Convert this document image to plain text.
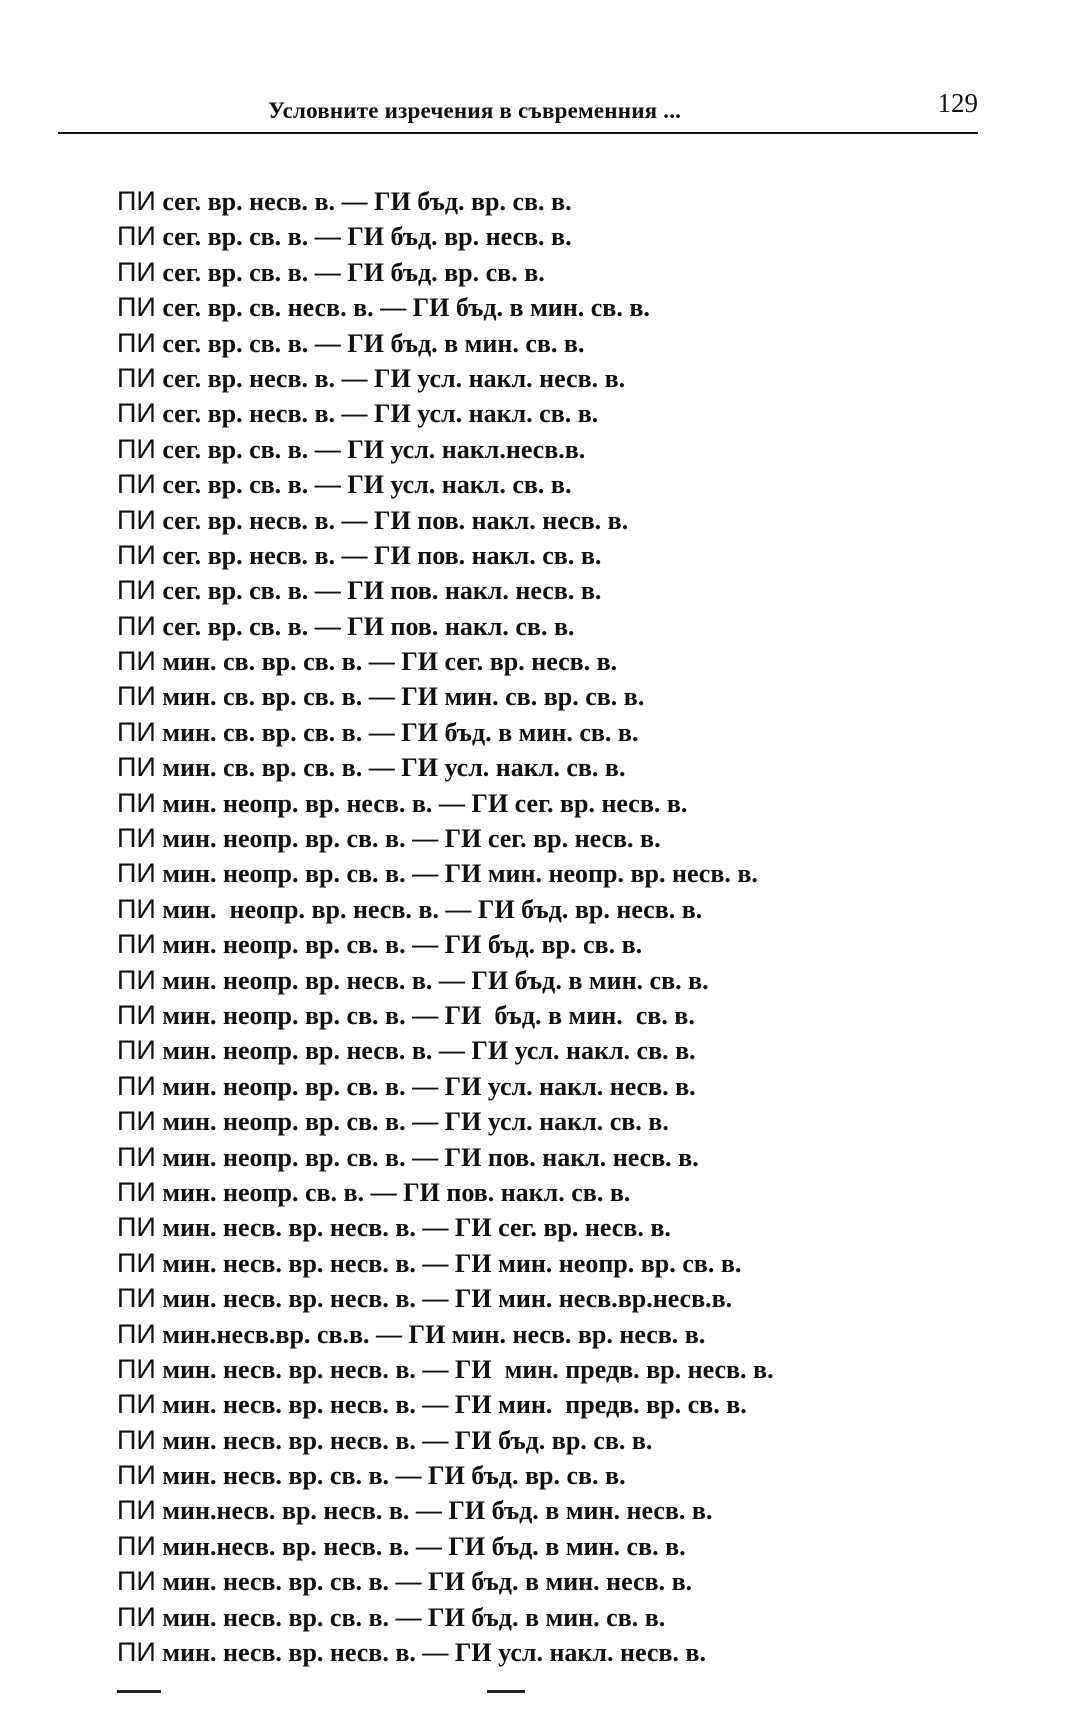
Условните изречения в съвременния ...	129
ПИ сег. вр. несв. в. — ГИ бъд. вр. св. в.
ПИ сег. вр. св. в. — ГИ бъд. вр. несв. в.
ПИ сег. вр. св. в. — ГИ бъд. вр. св. в.
ПИ сег. вр. св. несв. в. — ГИ бъд. в мин. св. в.
ПИ сег. вр. св. в. — ГИ бъд. в мин. св. в.
ПИ сег. вр. несв. в. — ГИ усл. накл. несв. в.
ПИ сег. вр. несв. в. — ГИ усл. накл. св. в.
ПИ сег. вр. св. в. — ГИ усл. накл.несв.в.
ПИ сег. вр. св. в. — ГИ усл. накл. св. в.
ПИ сег. вр. несв. в. — ГИ пов. накл. несв. в.
ПИ сег. вр. несв. в. — ГИ пов. накл. св. в.
ПИ сег. вр. св. в. — ГИ пов. накл. несв. в.
ПИ сег. вр. св. в. — ГИ пов. накл. св. в.
ПИ мин. св. вр. св. в. — ГИ сег. вр. несв. в.
ПИ мин. св. вр. св. в. — ГИ мин. св. вр. св. в.
ПИ мин. св. вр. св. в. — ГИ бъд. в мин. св. в.
ПИ мин. св. вр. св. в. — ГИ усл. накл. св. в.
ПИ мин. неопр. вр. несв. в. — ГИ сег. вр. несв. в.
ПИ мин. неопр. вр. св. в. — ГИ сег. вр. несв. в.
ПИ мин. неопр. вр. св. в. — ГИ мин. неопр. вр. несв. в.
ПИ мин.  неопр. вр. несв. в. — ГИ бъд. вр. несв. в.
ПИ мин. неопр. вр. св. в. — ГИ бъд. вр. св. в.
ПИ мин. неопр. вр. несв. в. — ГИ бъд. в мин. св. в.
ПИ мин. неопр. вр. св. в. — ГИ  бъд. в мин.  св. в.
ПИ мин. неопр. вр. несв. в. — ГИ усл. накл. св. в.
ПИ мин. неопр. вр. св. в. — ГИ усл. накл. несв. в.
ПИ мин. неопр. вр. св. в. — ГИ усл. накл. св. в.
ПИ мин. неопр. вр. св. в. — ГИ пов. накл. несв. в.
ПИ мин. неопр. св. в. — ГИ пов. накл. св. в.
ПИ мин. несв. вр. несв. в. — ГИ сег. вр. несв. в.
ПИ мин. несв. вр. несв. в. — ГИ мин. неопр. вр. св. в.
ПИ мин. несв. вр. несв. в. — ГИ мин. несв.вр.несв.в.
ПИ мин.несв.вр. св.в. — ГИ мин. несв. вр. несв. в.
ПИ мин. несв. вр. несв. в. — ГИ  мин. предв. вр. несв. в.
ПИ мин. несв. вр. несв. в. — ГИ мин.  предв. вр. св. в.
ПИ мин. несв. вр. несв. в. — ГИ бъд. вр. св. в.
ПИ мин. несв. вр. св. в. — ГИ бъд. вр. св. в.
ПИ мин.несв. вр. несв. в. — ГИ бъд. в мин. несв. в.
ПИ мин.несв. вр. несв. в. — ГИ бъд. в мин. св. в.
ПИ мин. несв. вр. св. в. — ГИ бъд. в мин. несв. в.
ПИ мин. несв. вр. св. в. — ГИ бъд. в мин. св. в.
ПИ мин. несв. вр. несв. в. — ГИ усл. накл. несв. в.
